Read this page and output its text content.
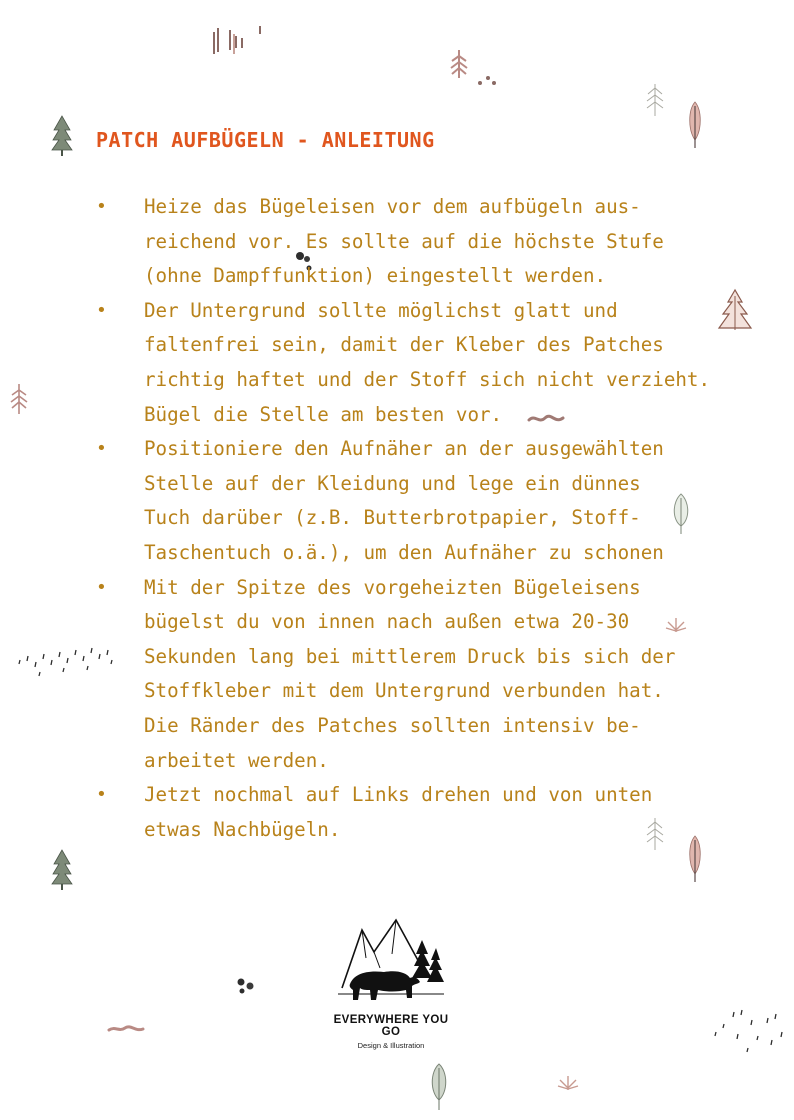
PATCH AUFBÜGELN - ANLEITUNG
• Heize das Bügeleisen vor dem aufbügeln aus-
reichend vor. Es sollte auf die höchste Stufe
(ohne Dampffunktion) eingestellt werden.
• Der Untergrund sollte möglichst glatt und
faltenfrei sein, damit der Kleber des Patches
richtig haftet und der Stoff sich nicht verzieht.
Bügel die Stelle am besten vor.
• Positioniere den Aufnäher an der ausgewählten
Stelle auf der Kleidung und lege ein dünnes
Tuch darüber (z.B. Butterbrotpapier, Stoff-
Taschentuch o.ä.), um den Aufnäher zu schonen
• Mit der Spitze des vorgeheizten Bügeleisens
bügelst du von innen nach außen etwa 20-30
Sekunden lang bei mittlerem Druck bis sich der
Stoffkleber mit dem Untergrund verbunden hat.
Die Ränder des Patches sollten intensiv be-
arbeitet werden.
• Jetzt nochmal auf Links drehen und von unten
etwas Nachbügeln.
EVERYWHERE YOU GO
Design & Illustration
